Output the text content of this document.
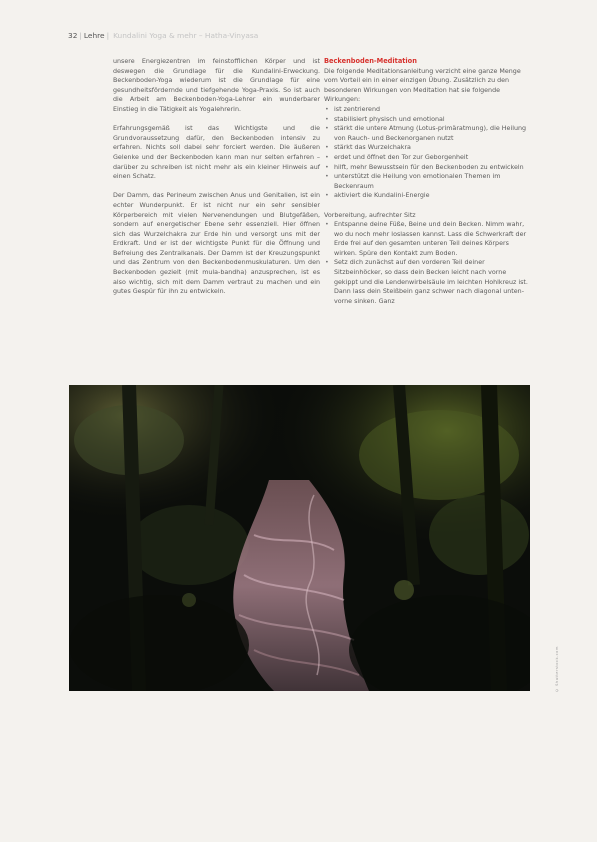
32 | Lehre | Kundalini Yoga & mehr – Hatha-Vinyasa

unsere Energiezentren im feinstofflichen Körper und ist deswegen die Grundlage für die Kundalini-Erweckung. Beckenboden-Yoga wiederum ist die Grundlage für eine gesundheitsfördernde und tiefgehende Yoga-Praxis. So ist auch die Arbeit am Beckenboden-Yoga-Lehrer ein wunderbarer Einstieg in die Tätigkeit als Yogalehrerin.

Erfahrungsgemäß ist das Wichtigste und die Grundvoraussetzung dafür, den Beckenboden intensiv zu erfahren. Nichts soll dabei sehr forciert werden. Die äußeren Gelenke und der Beckenboden kann man nur selten erfahren – darüber zu schreiben ist nicht mehr als ein kleiner Hinweis auf einen Schatz.

Der Damm, das Perineum zwischen Anus und Genitalien, ist ein echter Wunderpunkt. Er ist nicht nur ein sehr sensibler Körperbereich mit vielen Nervenendungen und Blutgefäßen, sondern auf energetischer Ebene sehr essenziell. Hier öffnen sich das Wurzelchakra zur Erde hin und versorgt uns mit der Erdkraft. Und er ist der wichtigste Punkt für die Öffnung und Befreiung des Zentralkanals. Der Damm ist der Kreuzungspunkt und das Zentrum von den Beckenbodenmuskulaturen. Um den Beckenboden gezielt (mit mula-bandha) anzusprechen, ist es also wichtig, sich mit dem Damm vertraut zu machen und ein gutes Gespür für ihn zu entwickeln.

Beckenboden-Meditation

Die folgende Meditationsanleitung verzicht eine ganze Menge vom Vorteil ein in einer einzigen Übung. Zusätzlich zu den besonderen Wirkungen von Meditation hat sie folgende Wirkungen:

• ist zentrierend
• stabilisiert physisch und emotional
• stärkt die untere Atmung (Lotus-primäratmung), die Heilung von Rauch- und Beckenorganen nutzt
• stärkt das Wurzelchakra
• erdet und öffnet den Tor zur Geborgenheit
• hilft, mehr Bewusstsein für den Beckenboden zu entwickeln
• unterstützt die Heilung von emotionalen Themen im Beckenraum
• aktiviert die Kundalini-Energie

Vorbereitung, aufrechter Sitz

• Entspanne deine Füße, Beine und dein Becken. Nimm wahr, wo du noch mehr loslassen kannst. Lass die Schwerkraft der Erde frei auf den gesamten unteren Teil deines Körpers wirken. Spüre den Kontakt zum Boden.
• Setz dich zunächst auf den vorderen Teil deiner Sitzbeinhöcker, so dass dein Becken leicht nach vorne gekippt und die Lendenwirbelsäule im leichten Hohlkreuz ist. Dann lass dein Steißbein ganz schwer nach diagonal unten-vorne sinken. Ganz
© Shutterstock.com
